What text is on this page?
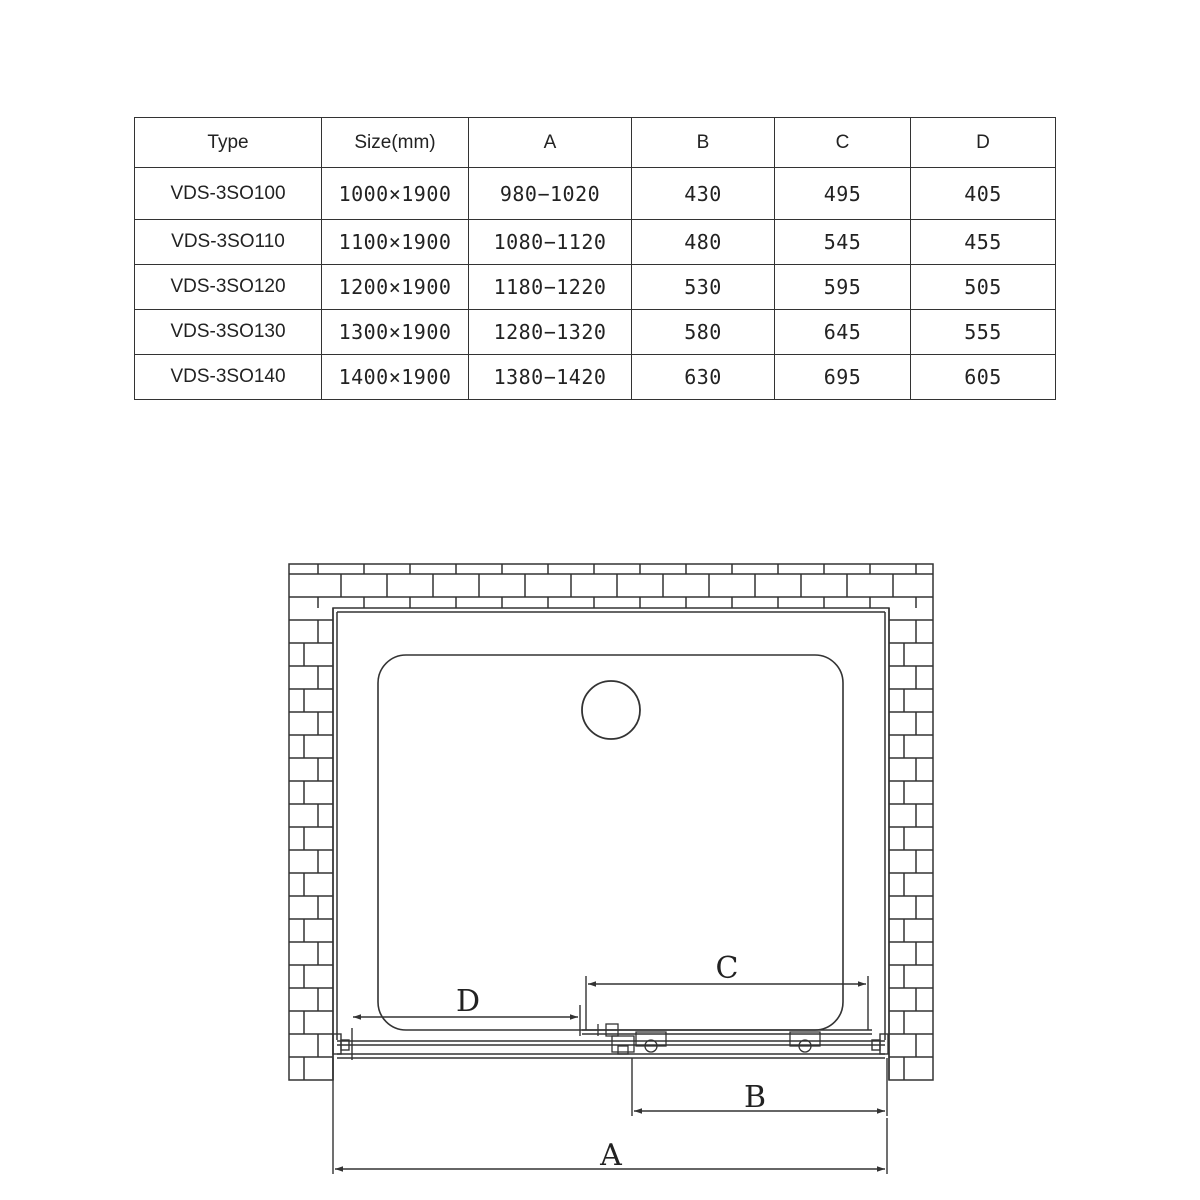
Type	Size(mm)	A	B	C	D
VDS-3SO100	1000×1900	980−1020	430	495	405
VDS-3SO110	1100×1900	1080−1120	480	545	455
VDS-3SO120	1200×1900	1180−1220	530	595	505
VDS-3SO130	1300×1900	1280−1320	580	645	555
VDS-3SO140	1400×1900	1380−1420	630	695	605
D
C
B
A
